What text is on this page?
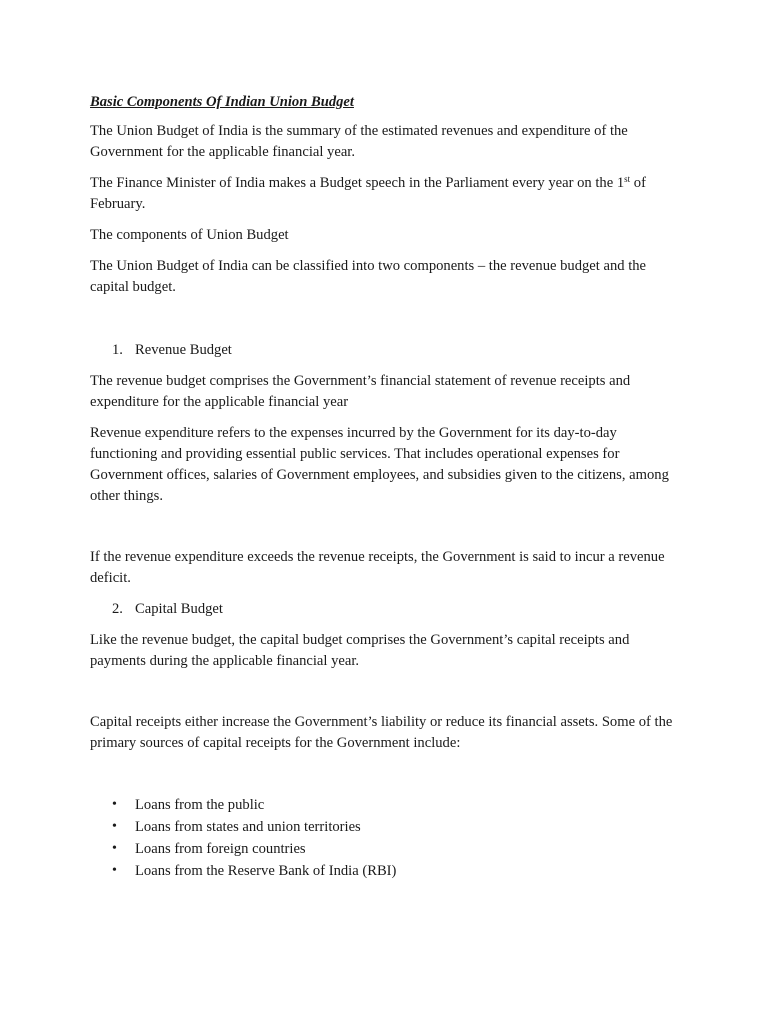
Basic Components Of Indian Union Budget

The Union Budget of India is the summary of the estimated revenues and expenditure of the Government for the applicable financial year.

The Finance Minister of India makes a Budget speech in the Parliament every year on the 1st of February.

The components of Union Budget

The Union Budget of India can be classified into two components – the revenue budget and the capital budget.

1. Revenue Budget

The revenue budget comprises the Government’s financial statement of revenue receipts and expenditure for the applicable financial year

Revenue expenditure refers to the expenses incurred by the Government for its day-to-day functioning and providing essential public services. That includes operational expenses for Government offices, salaries of Government employees, and subsidies given to the citizens, among other things.

If the revenue expenditure exceeds the revenue receipts, the Government is said to incur a revenue deficit.

2. Capital Budget

Like the revenue budget, the capital budget comprises the Government’s capital receipts and payments during the applicable financial year.

Capital receipts either increase the Government’s liability or reduce its financial assets. Some of the primary sources of capital receipts for the Government include:

•	Loans from the public
•	Loans from states and union territories
•	Loans from foreign countries
•	Loans from the Reserve Bank of India (RBI)
